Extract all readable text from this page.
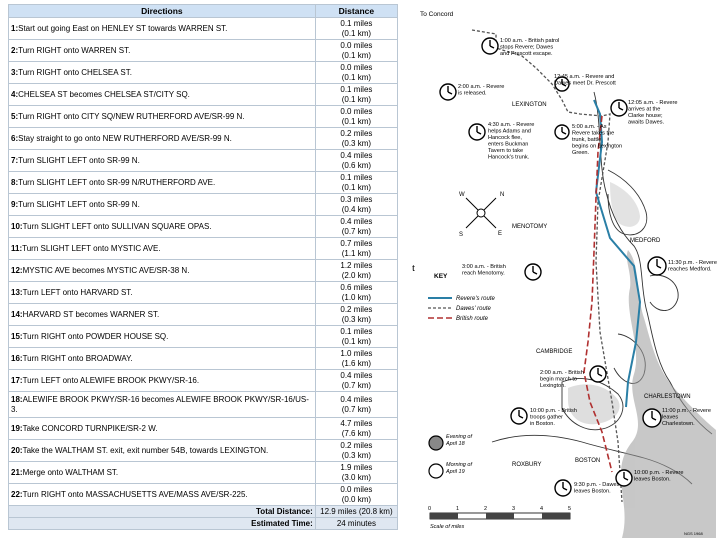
Directions	Distance
1:Start out going East on HENLEY ST towards WARREN ST.	0.1 miles
(0.1 km)

2:Turn RIGHT onto WARREN ST.	0.0 miles
(0.1 km)

3:Turn RIGHT onto CHELSEA ST.	0.0 miles
(0.1 km)

4:CHELSEA ST becomes CHELSEA ST/CITY SQ.	0.1 miles
(0.1 km)

5:Turn RIGHT onto CITY SQ/NEW RUTHERFORD AVE/SR-99 N.	0.0 miles
(0.1 km)

6:Stay straight to go onto NEW RUTHERFORD AVE/SR-99 N.	0.2 miles
(0.3 km)

7:Turn SLIGHT LEFT onto SR-99 N.	0.4 miles
(0.6 km)

8:Turn SLIGHT LEFT onto SR-99 N/RUTHERFORD AVE.	0.1 miles
(0.1 km)

9:Turn SLIGHT LEFT onto SR-99 N.	0.3 miles
(0.4 km)

10:Turn SLIGHT LEFT onto SULLIVAN SQUARE OPAS.	0.4 miles
(0.7 km)

11:Turn SLIGHT LEFT onto MYSTIC AVE.	0.7 miles
(1.1 km)

12:MYSTIC AVE becomes MYSTIC AVE/SR-38 N.	1.2 miles
(2.0 km)

13:Turn LEFT onto HARVARD ST.	0.6 miles
(1.0 km)

14:HARVARD ST becomes WARNER ST.	0.2 miles
(0.3 km)

15:Turn RIGHT onto POWDER HOUSE SQ.	0.1 miles
(0.1 km)

16:Turn RIGHT onto BROADWAY.	1.0 miles
(1.6 km)

17:Turn LEFT onto ALEWIFE BROOK PKWY/SR-16.	0.4 miles
(0.7 km)

18:ALEWIFE BROOK PKWY/SR-16 becomes ALEWIFE BROOK PKWY/SR-16/US-3.	0.4 miles
(0.7 km)

19:Take CONCORD TURNPIKE/SR-2 W.	4.7 miles
(7.6 km)

20:Take the WALTHAM ST. exit, exit number 54B, towards LEXINGTON.	0.2 miles
(0.3 km)

21:Merge onto WALTHAM ST.	1.9 miles
(3.0 km)

22:Turn RIGHT onto MASSACHUSETTS AVE/MASS AVE/SR-225.	0.0 miles
(0.0 km)

Total Distance:	12.9 miles (20.8 km)
Estimated Time:	24 minutes
t
To Concord
LEXINGTON
MENOTOMY
MEDFORD
CAMBRIDGE
CHARLESTOWN
ROXBURY
BOSTON
N
E
S
W
1:00 a.m. - British patrol stops Revere; Dawes and Prescott escape.
2:00 a.m. - Revere is released.
12:45 a.m. - Revere and Dawes meet Dr. Prescott
12:05 a.m. - Revere arrives at the Clarke house; awaits Dawes.
4:30 a.m. - Revere helps Adams and Hancock flee, enters Buckman Tavern to take Hancock's trunk.
5:00 a.m. - As Revere takes the trunk, battle begins on Lexington Green.
3:00 a.m. - British reach Menotomy.
11:30 p.m. - Revere reaches Medford.
2:00 a.m. - British begin march to Lexington.
10:00 p.m. - British troops gather in Boston.
11:00 p.m. - Revere leaves Charlestown.
10:00 p.m. - Revere leaves Boston.
9:30 p.m. - Dawes leaves Boston.
KEY
Revere's route
Dawes' route
British route
Evening of
April 18
Morning of
April 19
0	1	2	3	4	5
Scale of miles
NGS 1968
